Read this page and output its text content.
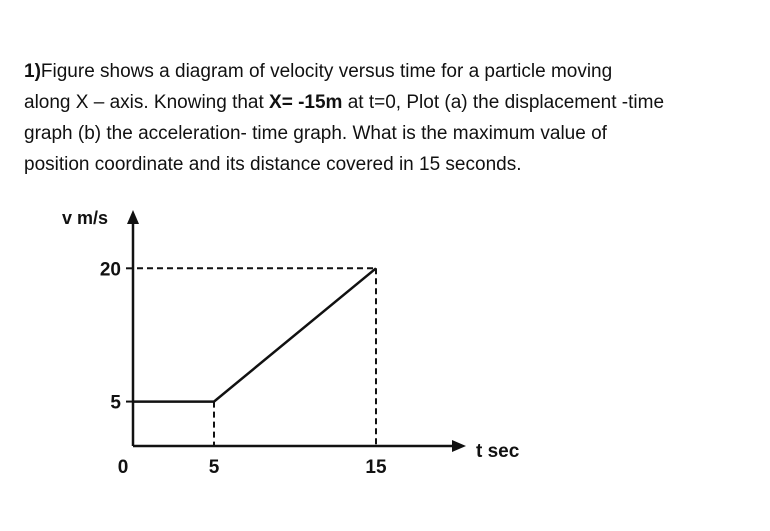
1)Figure shows a diagram of velocity versus time for a particle moving
along X – axis. Knowing that X= -15m at t=0, Plot (a) the displacement -time
graph (b) the acceleration- time graph. What is the maximum value of
position coordinate and its distance covered in 15 seconds.
v m/s
t sec
5
20
0	5	15
